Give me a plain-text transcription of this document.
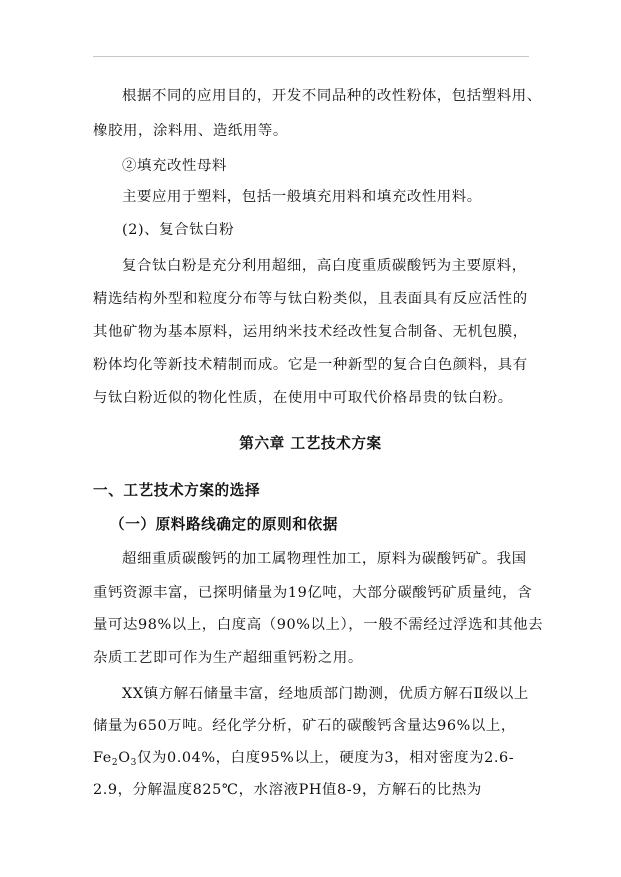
根据不同的应用目的，开发不同品种的改性粉体，包括塑料用、
橡胶用，涂料用、造纸用等。
②填充改性母料
主要应用于塑料，包括一般填充用料和填充改性用料。
(2)、复合钛白粉
复合钛白粉是充分利用超细，高白度重质碳酸钙为主要原料，
精选结构外型和粒度分布等与钛白粉类似，且表面具有反应活性的
其他矿物为基本原料，运用纳米技术经改性复合制备、无机包膜，
粉体均化等新技术精制而成。它是一种新型的复合白色颜料，具有
与钛白粉近似的物化性质，在使用中可取代价格昂贵的钛白粉。
第六章 工艺技术方案
一、工艺技术方案的选择
（一）原料路线确定的原则和依据
超细重质碳酸钙的加工属物理性加工，原料为碳酸钙矿。我国
重钙资源丰富，已探明储量为19亿吨，大部分碳酸钙矿质量纯，含
量可达98%以上，白度高（90%以上），一般不需经过浮选和其他去
杂质工艺即可作为生产超细重钙粉之用。
XX镇方解石储量丰富，经地质部门勘测，优质方解石Ⅱ级以上
储量为650万吨。经化学分析，矿石的碳酸钙含量达96%以上，
$Fe_2O_3$仅为0.04%，白度95%以上，硬度为3，相对密度为2.6-
2.9，分解温度825℃，水溶液PH值8-9，方解石的比热为
